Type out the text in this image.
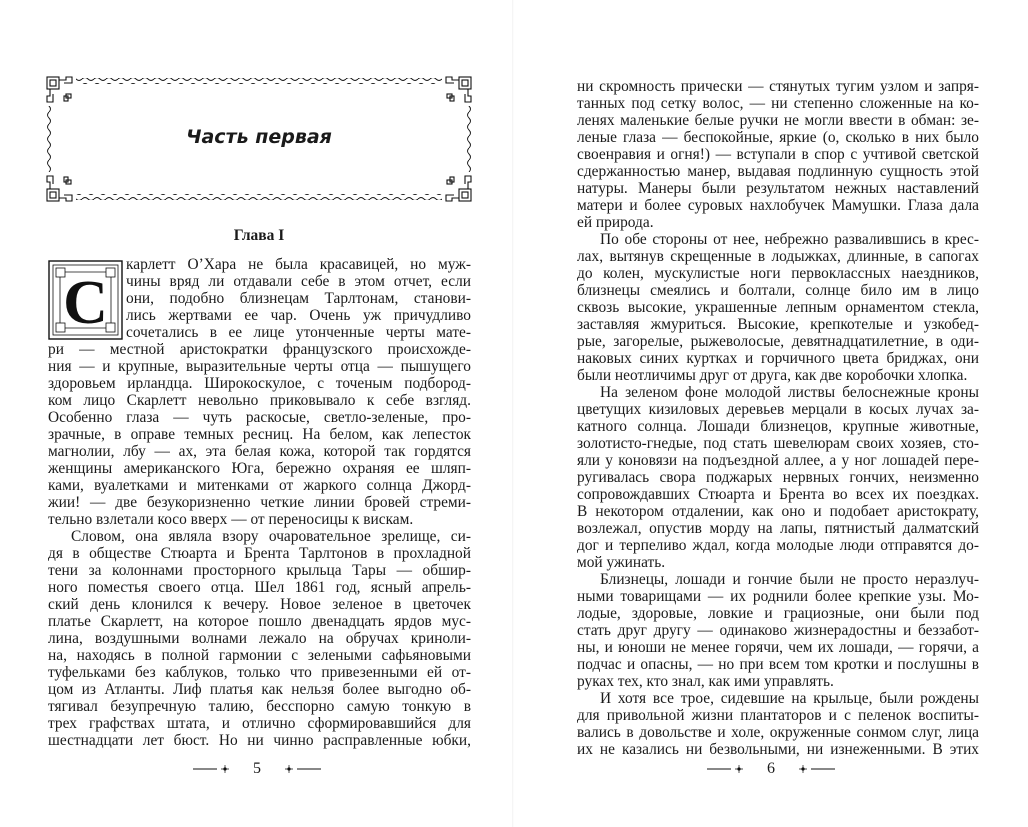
Часть первая
Глава I
С
карлетт О’Хара не была красавицей, но муж-
чины вряд ли отдавали себе в этом отчет, если
они, подобно близнецам Тарлтонам, станови-
лись жертвами ее чар. Очень уж причудливо
сочетались в ее лице утонченные черты мате-
ри — местной аристократки французского происхожде-
ния — и крупные, выразительные черты отца — пышущего
здоровьем ирландца. Широкоскулое, с точеным подбород-
ком лицо Скарлетт невольно приковывало к себе взгляд.
Особенно глаза — чуть раскосые, светло-зеленые, про-
зрачные, в оправе темных ресниц. На белом, как лепесток
магнолии, лбу — ах, эта белая кожа, которой так гордятся
женщины американского Юга, бережно охраняя ее шляп-
ками, вуалетками и митенками от жаркого солнца Джорд-
жии! — две безукоризненно четкие линии бровей стреми-
тельно взлетали косо вверх — от переносицы к вискам.
Словом, она являла взору очаровательное зрелище, си-
дя в обществе Стюарта и Брента Тарлтонов в прохладной
тени за колоннами просторного крыльца Тары — обшир-
ного поместья своего отца. Шел 1861 год, ясный апрель-
ский день клонился к вечеру. Новое зеленое в цветочек
платье Скарлетт, на которое пошло двенадцать ярдов мус-
лина, воздушными волнами лежало на обручах криноли-
на, находясь в полной гармонии с зелеными сафьяновыми
туфельками без каблуков, только что привезенными ей от-
цом из Атланты. Лиф платья как нельзя более выгодно об-
тягивал безупречную талию, бесспорно самую тонкую в
трех графствах штата, и отлично сформировавшийся для
шестнадцати лет бюст. Но ни чинно расправленные юбки,
5
ни скромность прически — стянутых тугим узлом и запря-
танных под сетку волос, — ни степенно сложенные на ко-
ленях маленькие белые ручки не могли ввести в обман: зе-
леные глаза — беспокойные, яркие (о, сколько в них было
своенравия и огня!) — вступали в спор с учтивой светской
сдержанностью манер, выдавая подлинную сущность этой
натуры. Манеры были результатом нежных наставлений
матери и более суровых нахлобучек Мамушки. Глаза дала
ей природа.
По обе стороны от нее, небрежно развалившись в крес-
лах, вытянув скрещенные в лодыжках, длинные, в сапогах
до колен, мускулистые ноги первоклассных наездников,
близнецы смеялись и болтали, солнце било им в лицо
сквозь высокие, украшенные лепным орнаментом стекла,
заставляя жмуриться. Высокие, крепкотелые и узкобед-
рые, загорелые, рыжеволосые, девятнадцатилетние, в оди-
наковых синих куртках и горчичного цвета бриджах, они
были неотличимы друг от друга, как две коробочки хлопка.
На зеленом фоне молодой листвы белоснежные кроны
цветущих кизиловых деревьев мерцали в косых лучах за-
катного солнца. Лошади близнецов, крупные животные,
золотисто-гнедые, под стать шевелюрам своих хозяев, сто-
яли у коновязи на подъездной аллее, а у ног лошадей пере-
ругивалась свора поджарых нервных гончих, неизменно
сопровождавших Стюарта и Брента во всех их поездках.
В некотором отдалении, как оно и подобает аристократу,
возлежал, опустив морду на лапы, пятнистый далматский
дог и терпеливо ждал, когда молодые люди отправятся до-
мой ужинать.
Близнецы, лошади и гончие были не просто неразлуч-
ными товарищами — их роднили более крепкие узы. Мо-
лодые, здоровые, ловкие и грациозные, они были под
стать друг другу — одинаково жизнерадостны и беззабот-
ны, и юноши не менее горячи, чем их лошади, — горячи, а
подчас и опасны, — но при всем том кротки и послушны в
руках тех, кто знал, как ими управлять.
И хотя все трое, сидевшие на крыльце, были рождены
для привольной жизни плантаторов и с пеленок воспиты-
вались в довольстве и холе, окруженные сонмом слуг, лица
их не казались ни безвольными, ни изнеженными. В этих
6
